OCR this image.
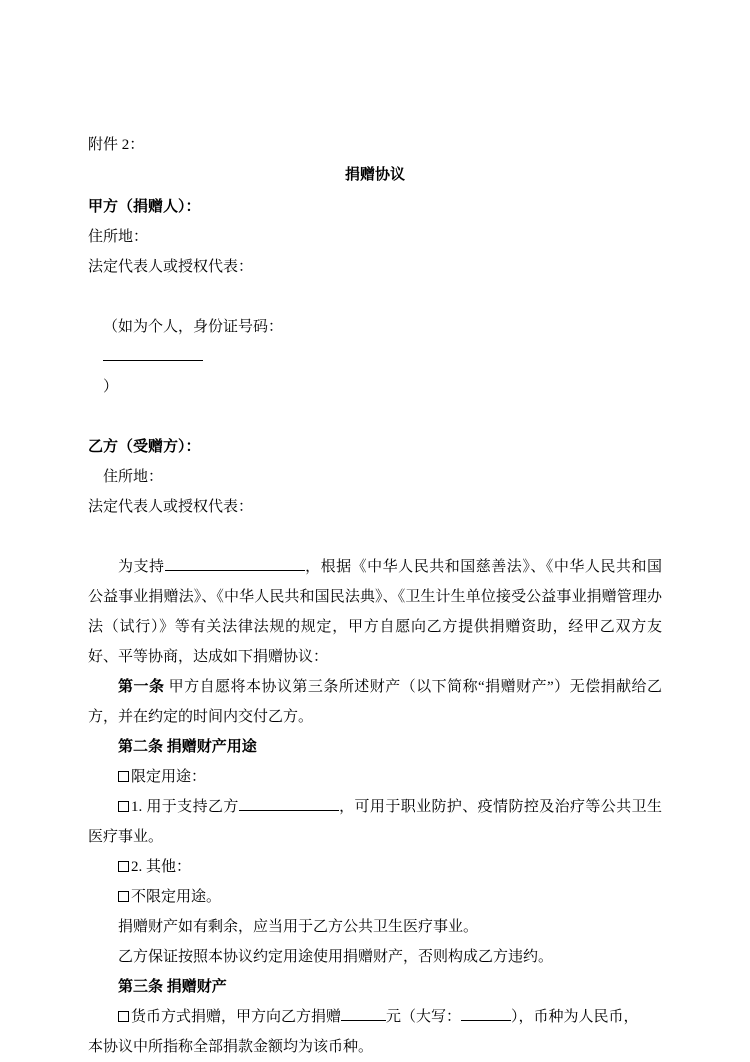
附件 2：
捐赠协议
甲方（捐赠人）：
住所地：
法定代表人或授权代表：

（如为个人，身份证号码：

）

乙方（受赠方）：
住所地：
法定代表人或授权代表：
为支持	，根据《中华人民共和国慈善法》、《中华人民共和国公益事业捐赠法》、《中华人民共和国民法典》、《卫生计生单位接受公益事业捐赠管理办法（试行）》等有关法律法规的规定，甲方自愿向乙方提供捐赠资助，经甲乙双方友好、平等协商，达成如下捐赠协议：
第一条 甲方自愿将本协议第三条所述财产（以下简称“捐赠财产”）无偿捐献给乙方，并在约定的时间内交付乙方。
第二条 捐赠财产用途
限定用途：
1. 用于支持乙方	，可用于职业防护、疫情防控及治疗等公共卫生医疗事业。
2. 其他：
不限定用途。
捐赠财产如有剩余，应当用于乙方公共卫生医疗事业。
乙方保证按照本协议约定用途使用捐赠财产，否则构成乙方违约。
第三条 捐赠财产
货币方式捐赠，甲方向乙方捐赠	元（大写：	），币种为人民币，
本协议中所指称全部捐款金额均为该币种。
